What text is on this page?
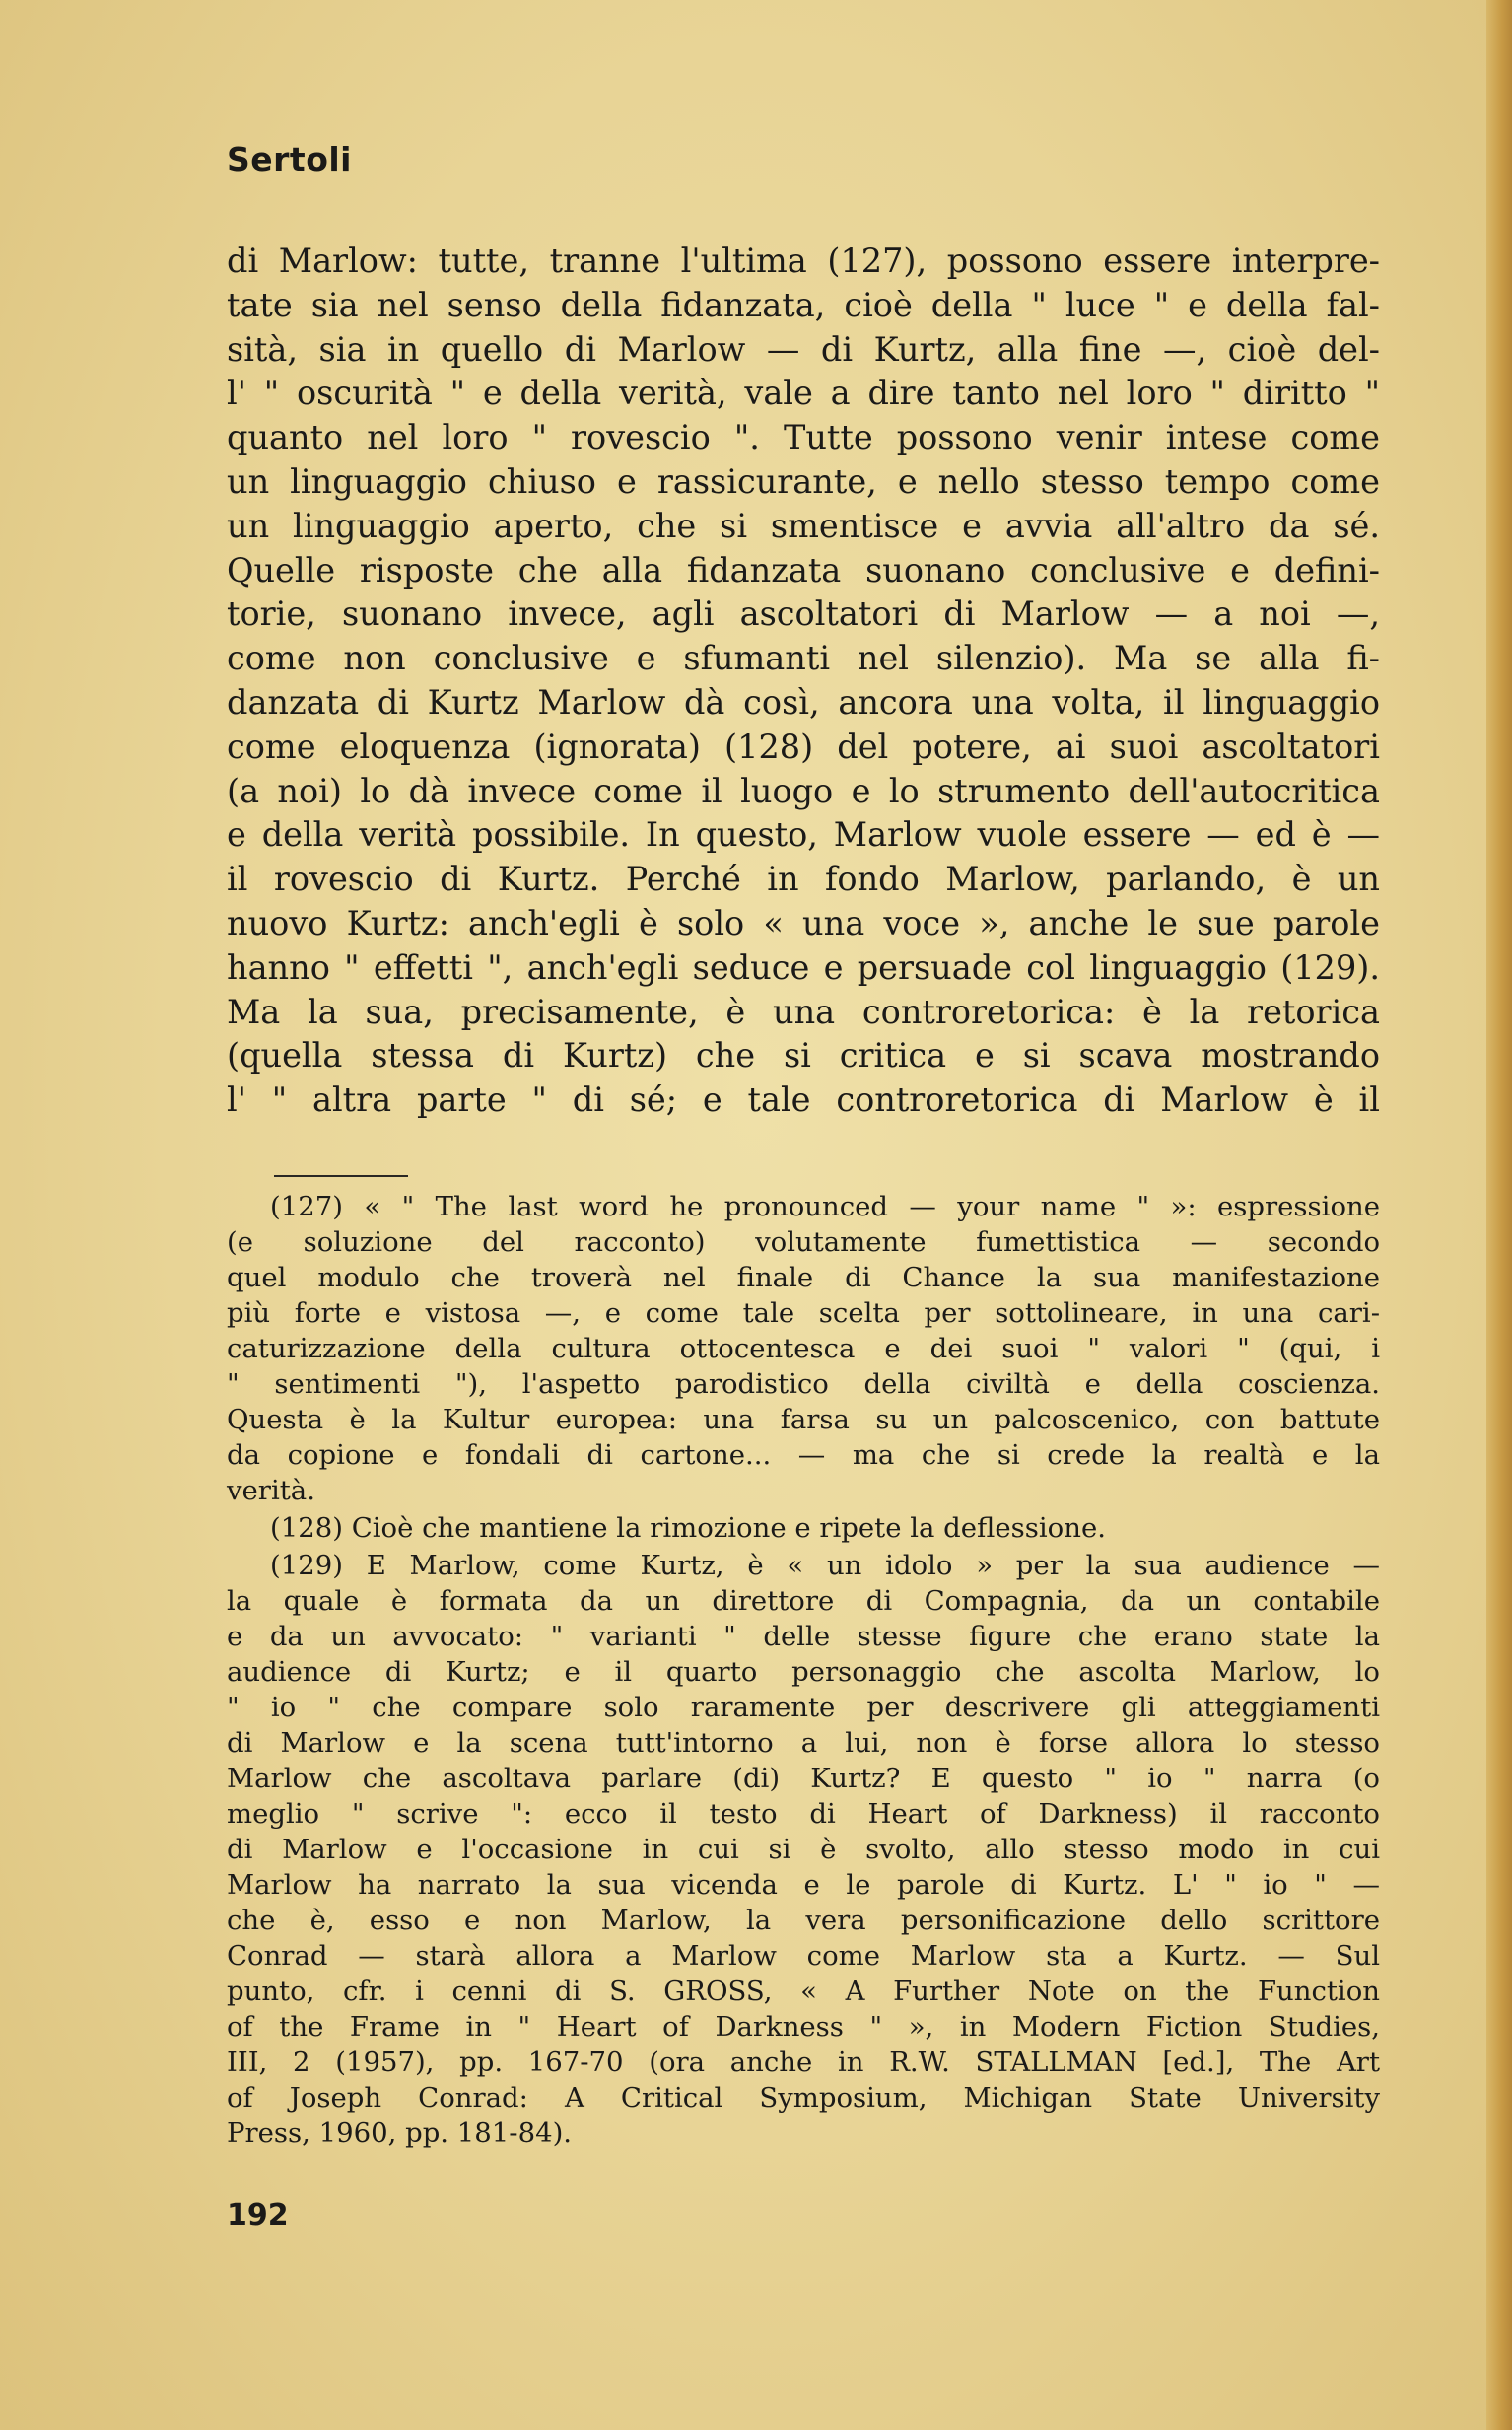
Sertoli
di Marlow: tutte, tranne l'ultima (127), possono essere interpre-
tate sia nel senso della fidanzata, cioè della " luce " e della fal-
sità, sia in quello di Marlow — di Kurtz, alla fine —, cioè del-
l' " oscurità " e della verità, vale a dire tanto nel loro " diritto "
quanto nel loro " rovescio ". Tutte possono venir intese come
un linguaggio chiuso e rassicurante, e nello stesso tempo come
un linguaggio aperto, che si smentisce e avvia all'altro da sé.
Quelle risposte che alla fidanzata suonano conclusive e defini-
torie, suonano invece, agli ascoltatori di Marlow — a noi —,
come non conclusive e sfumanti nel silenzio). Ma se alla fi-
danzata di Kurtz Marlow dà così, ancora una volta, il linguaggio
come eloquenza (ignorata) (128) del potere, ai suoi ascoltatori
(a noi) lo dà invece come il luogo e lo strumento dell'autocritica
e della verità possibile. In questo, Marlow vuole essere — ed è —
il rovescio di Kurtz. Perché in fondo Marlow, parlando, è un
nuovo Kurtz: anch'egli è solo « una voce », anche le sue parole
hanno " effetti ", anch'egli seduce e persuade col linguaggio (129).
Ma la sua, precisamente, è una controretorica: è la retorica
(quella stessa di Kurtz) che si critica e si scava mostrando
l' " altra parte " di sé; e tale controretorica di Marlow è il
(127) « " The last word he pronounced — your name " »: espressione
(e soluzione del racconto) volutamente fumettistica — secondo
quel modulo che troverà nel finale di Chance la sua manifestazione
più forte e vistosa —, e come tale scelta per sottolineare, in una cari-
caturizzazione della cultura ottocentesca e dei suoi " valori " (qui, i
" sentimenti "), l'aspetto parodistico della civiltà e della coscienza.
Questa è la Kultur europea: una farsa su un palcoscenico, con battute
da copione e fondali di cartone... — ma che si crede la realtà e la
verità.
(128) Cioè che mantiene la rimozione e ripete la deflessione.
(129) E Marlow, come Kurtz, è « un idolo » per la sua audience —
la quale è formata da un direttore di Compagnia, da un contabile
e da un avvocato: " varianti " delle stesse figure che erano state la
audience di Kurtz; e il quarto personaggio che ascolta Marlow, lo
" io " che compare solo raramente per descrivere gli atteggiamenti
di Marlow e la scena tutt'intorno a lui, non è forse allora lo stesso
Marlow che ascoltava parlare (di) Kurtz? E questo " io " narra (o
meglio " scrive ": ecco il testo di Heart of Darkness) il racconto
di Marlow e l'occasione in cui si è svolto, allo stesso modo in cui
Marlow ha narrato la sua vicenda e le parole di Kurtz. L' " io " —
che è, esso e non Marlow, la vera personificazione dello scrittore
Conrad — starà allora a Marlow come Marlow sta a Kurtz. — Sul
punto, cfr. i cenni di S. GROSS, « A Further Note on the Function
of the Frame in " Heart of Darkness " », in Modern Fiction Studies,
III, 2 (1957), pp. 167-70 (ora anche in R.W. STALLMAN [ed.], The Art
of Joseph Conrad: A Critical Symposium, Michigan State University
Press, 1960, pp. 181-84).
192
